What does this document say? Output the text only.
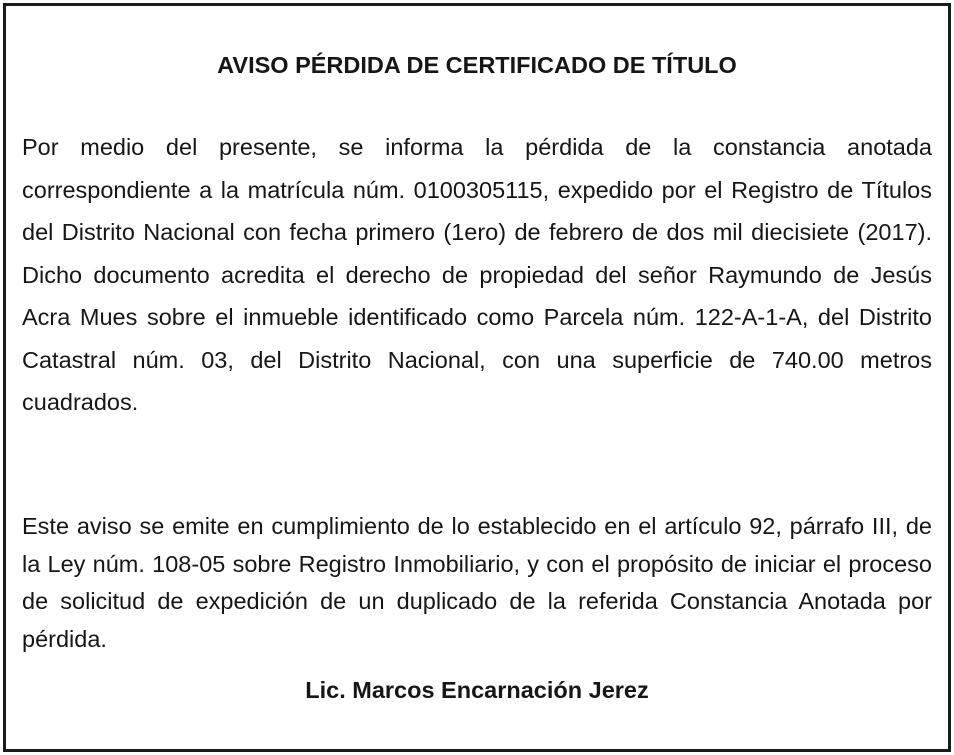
AVISO PÉRDIDA DE CERTIFICADO DE TÍTULO

Por medio del presente, se informa la pérdida de la constancia anotada correspondiente a la matrícula núm. 0100305115, expedido por el Registro de Títulos del Distrito Nacional con fecha primero (1ero) de febrero de dos mil diecisiete (2017). Dicho documento acredita el derecho de propiedad del señor Raymundo de Jesús Acra Mues sobre el inmueble identificado como Parcela núm. 122-A-1-A, del Distrito Catastral núm. 03, del Distrito Nacional, con una superficie de 740.00 metros cuadrados.

Este aviso se emite en cumplimiento de lo establecido en el artículo 92, párrafo III, de la Ley núm. 108-05 sobre Registro Inmobiliario, y con el propósito de iniciar el proceso de solicitud de expedición de un duplicado de la referida Constancia Anotada por pérdida.

Lic. Marcos Encarnación Jerez
